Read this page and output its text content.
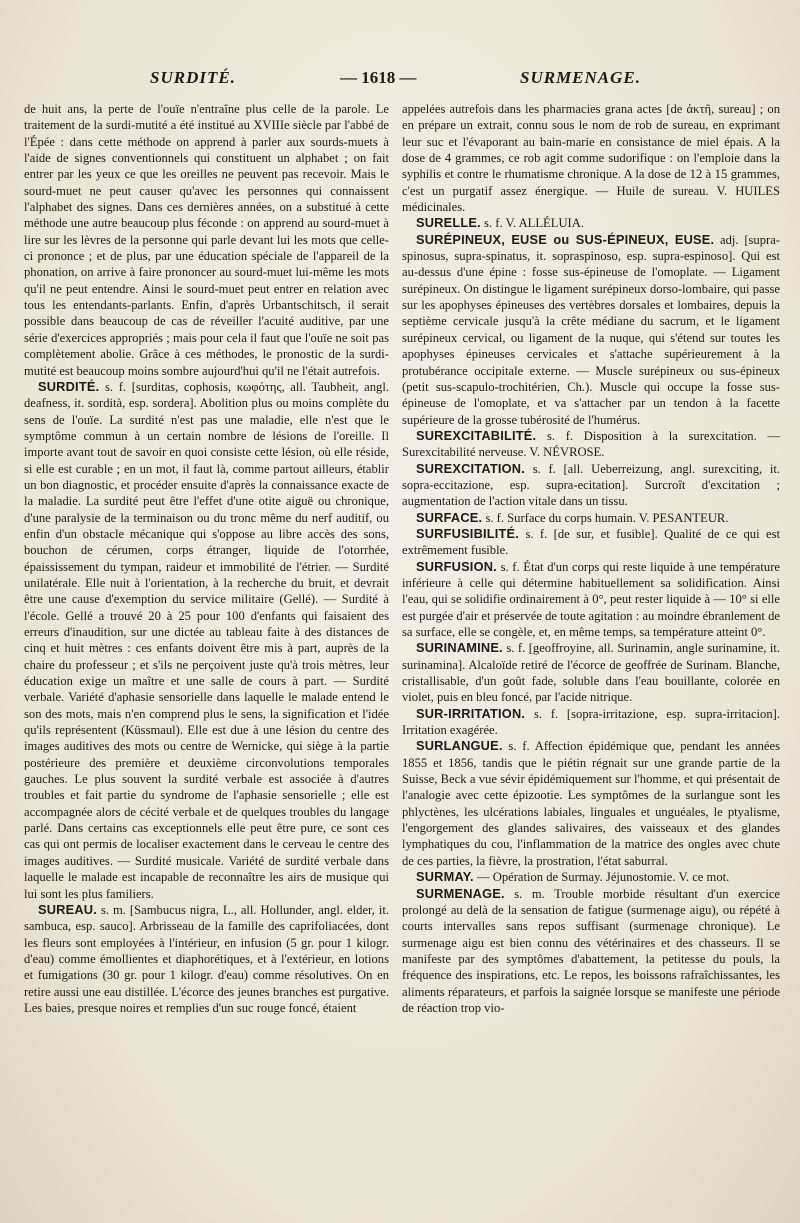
SURDITÉ.	— 1618 —	SURMENAGE.

de huit ans, la perte de l'ouïe n'entraîne plus celle de la parole. Le traitement de la surdi-mutité a été institué au XVIIIe siècle par l'abbé de l'Épée : dans cette méthode on apprend à parler aux sourds-muets à l'aide de signes conventionnels qui constituent un alphabet ; on fait entrer par les yeux ce que les oreilles ne peuvent pas recevoir. Mais le sourd-muet ne peut causer qu'avec les personnes qui connaissent l'alphabet des signes. Dans ces dernières années, on a substitué à cette méthode une autre beaucoup plus féconde : on apprend au sourd-muet à lire sur les lèvres de la personne qui parle devant lui les mots que celle-ci prononce ; et de plus, par une éducation spéciale de l'appareil de la phonation, on arrive à faire prononcer au sourd-muet lui-même les mots qu'il ne peut entendre. Ainsi le sourd-muet peut entrer en relation avec tous les entendants-parlants. Enfin, d'après Urbantschitsch, il serait possible dans beaucoup de cas de réveiller l'acuité auditive, par une série d'exercices appropriés ; mais pour cela il faut que l'ouïe ne soit pas complètement abolie. Grâce à ces méthodes, le pronostic de la surdi-mutité est beaucoup moins sombre aujourd'hui qu'il ne l'était autrefois.

SURDITÉ. s. f. [surditas, cophosis, κωφότης, all. Taubheit, angl. deafness, it. sordità, esp. sordera]. Abolition plus ou moins complète du sens de l'ouïe. La surdité n'est pas une maladie, elle n'est que le symptôme commun à un certain nombre de lésions de l'oreille. Il importe avant tout de savoir en quoi consiste cette lésion, où elle réside, si elle est curable ; en un mot, il faut là, comme partout ailleurs, établir un bon diagnostic, et procéder ensuite d'après la connaissance exacte de la maladie. La surdité peut être l'effet d'une otite aiguë ou chronique, d'une paralysie de la terminaison ou du tronc même du nerf auditif, ou enfin d'un obstacle mécanique qui s'oppose au libre accès des sons, bouchon de cérumen, corps étranger, liquide de l'otorrhée, épaississement du tympan, raideur et immobilité de l'étrier. — Surdité unilatérale. Elle nuit à l'orientation, à la recherche du bruit, et devrait être une cause d'exemption du service militaire (Gellé). — Surdité à l'école. Gellé a trouvé 20 à 25 pour 100 d'enfants qui faisaient des erreurs d'inaudition, sur une dictée au tableau faite à des distances de cinq et huit mètres : ces enfants doivent être mis à part, auprès de la chaire du professeur ; et s'ils ne perçoivent juste qu'à trois mètres, leur éducation exige un maître et une salle de cours à part. — Surdité verbale. Variété d'aphasie sensorielle dans laquelle le malade entend le son des mots, mais n'en comprend plus le sens, la signification et l'idée qu'ils représentent (Küssmaul). Elle est due à une lésion du centre des images auditives des mots ou centre de Wernicke, qui siège à la partie postérieure des première et deuxième circonvolutions temporales gauches. Le plus souvent la surdité verbale est associée à d'autres troubles et fait partie du syndrome de l'aphasie sensorielle ; elle est accompagnée alors de cécité verbale et de quelques troubles du langage parlé. Dans certains cas exceptionnels elle peut être pure, ce sont ces cas qui ont permis de localiser exactement dans le cerveau le centre des images auditives. — Surdité musicale. Variété de surdité verbale dans laquelle le malade est incapable de reconnaître les airs de musique qui lui sont les plus familiers.

SUREAU. s. m. [Sambucus nigra, L., all. Hollunder, angl. elder, it. sambuca, esp. sauco]. Arbrisseau de la famille des caprifoliacées, dont les fleurs sont employées à l'intérieur, en infusion (5 gr. pour 1 kilogr. d'eau) comme émollientes et diaphorétiques, et à l'extérieur, en lotions et fumigations (30 gr. pour 1 kilogr. d'eau) comme résolutives. On en retire aussi une eau distillée. L'écorce des jeunes branches est purgative. Les baies, presque noires et remplies d'un suc rouge foncé, étaient

appelées autrefois dans les pharmacies grana actes [de ἀκτῆ, sureau] ; on en prépare un extrait, connu sous le nom de rob de sureau, en exprimant leur suc et l'évaporant au bain-marie en consistance de miel épais. A la dose de 4 grammes, ce rob agit comme sudorifique : on l'emploie dans la syphilis et contre le rhumatisme chronique. A la dose de 12 à 15 grammes, c'est un purgatif assez énergique. — Huile de sureau. V. HUILES médicinales.

SURELLE. s. f. V. ALLÉLUIA.

SURÉPINEUX, EUSE ou SUS-ÉPINEUX, EUSE. adj. [supra-spinosus, supra-spinatus, it. sopraspinoso, esp. supra-espinoso]. Qui est au-dessus d'une épine : fosse sus-épineuse de l'omoplate. — Ligament surépineux. On distingue le ligament surépineux dorso-lombaire, qui passe sur les apophyses épineuses des vertèbres dorsales et lombaires, depuis la septième cervicale jusqu'à la crête médiane du sacrum, et le ligament surépineux cervical, ou ligament de la nuque, qui s'étend sur toutes les apophyses épineuses cervicales et s'attache supérieurement à la protubérance occipitale externe. — Muscle surépineux ou sus-épineux (petit sus-scapulo-trochitérien, Ch.). Muscle qui occupe la fosse sus-épineuse de l'omoplate, et va s'attacher par un tendon à la facette supérieure de la grosse tubérosité de l'humérus.

SUREXCITABILITÉ. s. f. Disposition à la surexcitation. — Surexcitabilité nerveuse. V. NÉVROSE.

SUREXCITATION. s. f. [all. Ueberreizung, angl. surexciting, it. sopra-eccitazione, esp. supra-ecitation]. Surcroît d'excitation ; augmentation de l'action vitale dans un tissu.

SURFACE. s. f. Surface du corps humain. V. PESANTEUR.

SURFUSIBILITÉ. s. f. [de sur, et fusible]. Qualité de ce qui est extrêmement fusible.

SURFUSION. s. f. État d'un corps qui reste liquide à une température inférieure à celle qui détermine habituellement sa solidification. Ainsi l'eau, qui se solidifie ordinairement à 0°, peut rester liquide à — 10° si elle est purgée d'air et préservée de toute agitation : au moindre ébranlement de sa surface, elle se congèle, et, en même temps, sa température atteint 0°.

SURINAMINE. s. f. [geoffroyine, all. Surinamin, angle surinamine, it. surinamina]. Alcaloïde retiré de l'écorce de geoffrée de Surinam. Blanche, cristallisable, d'un goût fade, soluble dans l'eau bouillante, colorée en violet, puis en bleu foncé, par l'acide nitrique.

SUR-IRRITATION. s. f. [sopra-irritazione, esp. supra-irritacion]. Irritation exagérée.

SURLANGUE. s. f. Affection épidémique que, pendant les années 1855 et 1856, tandis que le piétin régnait sur une grande partie de la Suisse, Beck a vue sévir épidémiquement sur l'homme, et qui présentait de l'analogie avec cette épizootie. Les symptômes de la surlangue sont les phlyctènes, les ulcérations labiales, linguales et unguéales, le ptyalisme, l'engorgement des glandes salivaires, des vaisseaux et des glandes lymphatiques du cou, l'inflammation de la matrice des ongles avec chute de ces parties, la fièvre, la prostration, l'état saburral.

SURMAY. — Opération de Surmay. Jéjunostomie. V. ce mot.

SURMENAGE. s. m. Trouble morbide résultant d'un exercice prolongé au delà de la sensation de fatigue (surmenage aigu), ou répété à courts intervalles sans repos suffisant (surmenage chronique). Le surmenage aigu est bien connu des vétérinaires et des chasseurs. Il se manifeste par des symptômes d'abattement, la petitesse du pouls, la fréquence des inspirations, etc. Le repos, les boissons rafraîchissantes, les aliments réparateurs, et parfois la saignée lorsque se manifeste une période de réaction trop vio-
